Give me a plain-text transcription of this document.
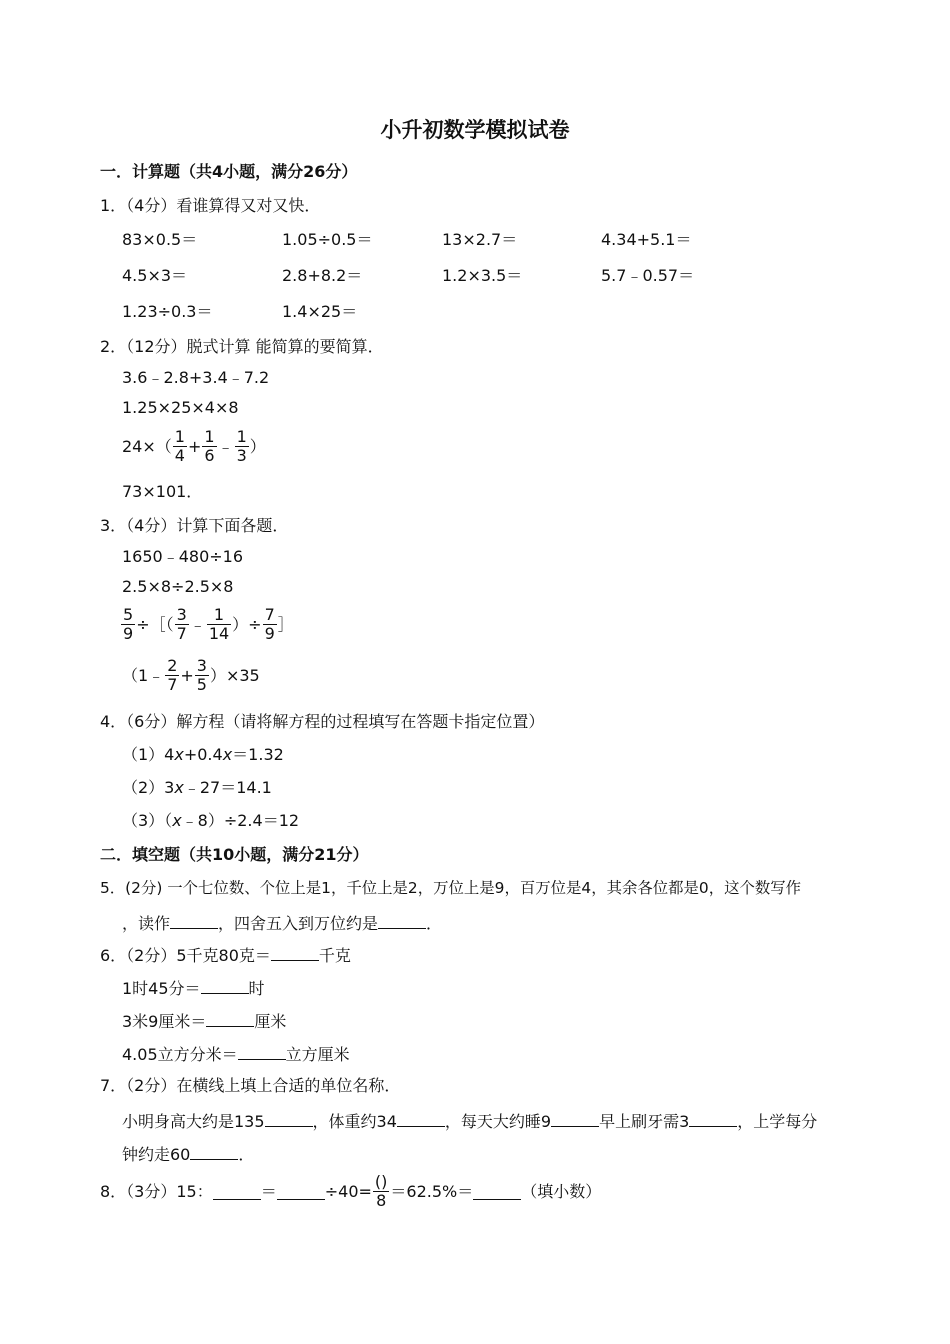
小升初数学模拟试卷
一．计算题（共4小题，满分26分）
1．（4分）看谁算得又对又快．
83×0.5＝	1.05÷0.5＝	13×2.7＝	4.34+5.1＝
4.5×3＝	2.8+8.2＝	1.2×3.5＝	5.7﹣0.57＝
1.23÷0.3＝	1.4×25＝
2．（12分）脱式计算 能简算的要简算．
3.6﹣2.8+3.4﹣7.2
1.25×25×4×8
$24\times( \frac{1}{4} + \frac{1}{6}$ ﹣ $\frac{1}{3}$ ）
73×101．
3．（4分）计算下面各题．
1650﹣480÷16
2.5×8÷2.5×8
$\frac{5}{9}$ ÷［（ $\frac{3}{7}$ ﹣ $\frac{1}{14}$ ）÷ $\frac{7}{9}$ ］
（1﹣ $\frac{2}{7} + \frac{3}{5} )\times 35$
4．（6分）解方程（请将解方程的过程填写在答题卡指定位置）
（1）4x+0.4x＝1.32
（2）3x﹣27＝14.1
（3）（x﹣8）÷2.4＝12
二．填空题（共10小题，满分21分）
5．(2分) 一个七位数、个位上是1，千位上是2，万位上是9，百万位是4，其余各位都是0，这个数写作
，读作	，四舍五入到万位约是	．
6．（2分）5千克80克＝	千克
1时45分＝	时
3米9厘米＝	厘米
4.05立方分米＝	立方厘米
7．（2分）在横线上填上合适的单位名称．
小明身高大约是135	，体重约34	，每天大约睡9	早上刷牙需3	，上学每分
钟约走60	．
8．（3分）15：	＝	$\div 40= \frac{()}{8} =62.5\%=$	（填小数）
